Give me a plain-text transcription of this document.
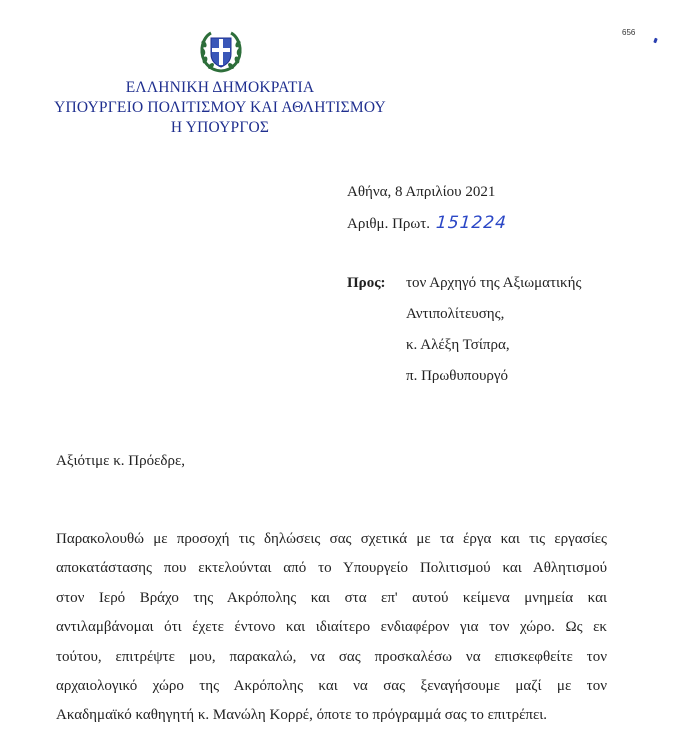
656
ΕΛΛΗΝΙΚΗ ΔΗΜΟΚΡΑΤΙΑ
ΥΠΟΥΡΓΕΙΟ ΠΟΛΙΤΙΣΜΟΥ ΚΑΙ ΑΘΛΗΤΙΣΜΟΥ
Η ΥΠΟΥΡΓΟΣ
Αθήνα, 8 Απριλίου 2021
Αριθμ. Πρωτ. 151224
Προς: τον Αρχηγό της Αξιωματικής
Αντιπολίτευσης,
κ. Αλέξη Τσίπρα,
π. Πρωθυπουργό
Αξιότιμε κ. Πρόεδρε,
Παρακολουθώ με προσοχή τις δηλώσεις σας σχετικά με τα έργα και τις εργασίες
αποκατάστασης που εκτελούνται από το Υπουργείο Πολιτισμού και Αθλητισμού
στον Ιερό Βράχο της Ακρόπολης και στα επ' αυτού κείμενα μνημεία και
αντιλαμβάνομαι ότι έχετε έντονο και ιδιαίτερο ενδιαφέρον για τον χώρο. Ως εκ
τούτου, επιτρέψτε μου, παρακαλώ, να σας προσκαλέσω να επισκεφθείτε τον
αρχαιολογικό χώρο της Ακρόπολης και να σας ξεναγήσουμε μαζί με τον
Ακαδημαϊκό καθηγητή κ. Μανώλη Κορρέ, όποτε το πρόγραμμά σας το επιτρέπει.
